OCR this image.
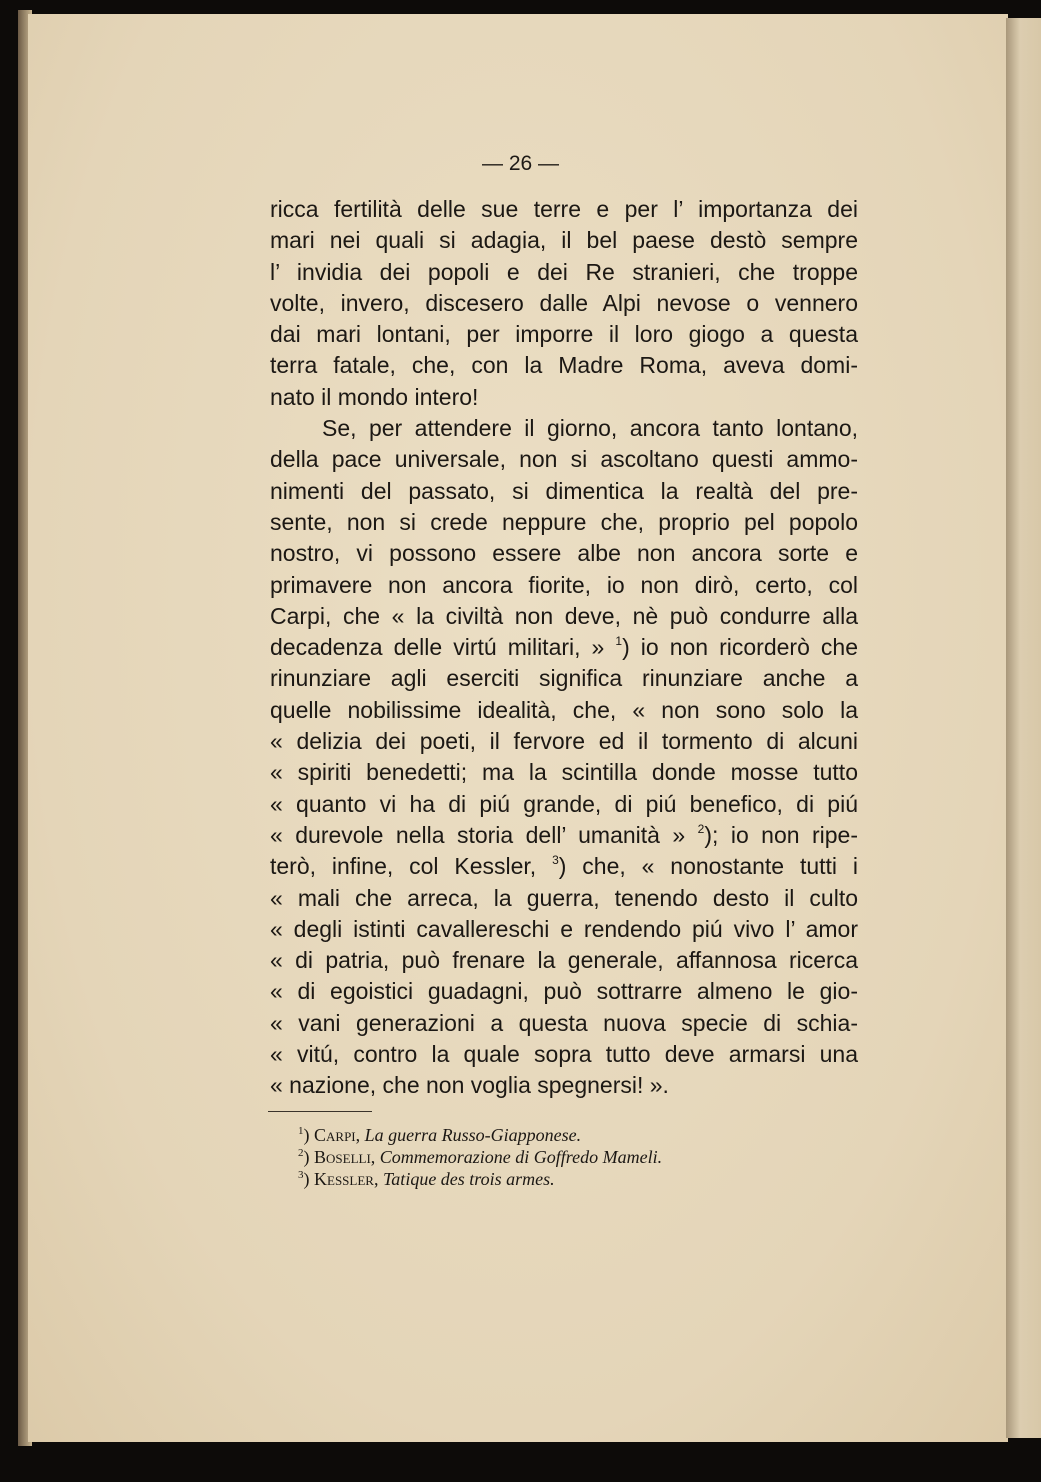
— 26 —
ricca fertilità delle sue terre e per l’ importanza dei
mari nei quali si adagia, il bel paese destò sempre
l’ invidia dei popoli e dei Re stranieri, che troppe
volte, invero, discesero dalle Alpi nevose o vennero
dai mari lontani, per imporre il loro giogo a questa
terra fatale, che, con la Madre Roma, aveva domi-
nato il mondo intero!
Se, per attendere il giorno, ancora tanto lontano,
della pace universale, non si ascoltano questi ammo-
nimenti del passato, si dimentica la realtà del pre-
sente, non si crede neppure che, proprio pel popolo
nostro, vi possono essere albe non ancora sorte e
primavere non ancora fiorite, io non dirò, certo, col
Carpi, che « la civiltà non deve, nè può condurre alla
decadenza delle virtú militari, » $^1$) io non ricorderò che
rinunziare agli eserciti significa rinunziare anche a
quelle nobilissime idealità, che, « non sono solo la
« delizia dei poeti, il fervore ed il tormento di alcuni
« spiriti benedetti; ma la scintilla donde mosse tutto
« quanto vi ha di piú grande, di piú benefico, di piú
« durevole nella storia dell’ umanità » $^2$); io non ripe-
terò, infine, col Kessler, $^3$) che, « nonostante tutti i
« mali che arreca, la guerra, tenendo desto il culto
« degli istinti cavallereschi e rendendo piú vivo l’ amor
« di patria, può frenare la generale, affannosa ricerca
« di egoistici guadagni, può sottrarre almeno le gio-
« vani generazioni a questa nuova specie di schia-
« vitú, contro la quale sopra tutto deve armarsi una
« nazione, che non voglia spegnersi! ».
$^1$) Carpi, La guerra Russo-Giapponese.
$^2$) Boselli, Commemorazione di Goffredo Mameli.
$^3$) Kessler, Tatique des trois armes.
